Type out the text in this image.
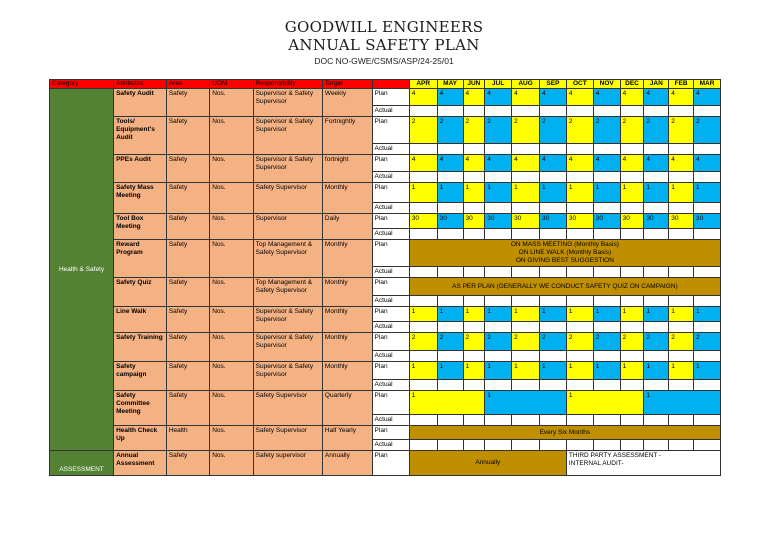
GOODWILL ENGINEERS
ANNUAL SAFETY PLAN
DOC NO-GWE/CSMS/ASP/24-25/01
Category	Attributes	Area	UOM	Responsibility	Target		APR	MAY	JUN	JUL	AUG	SEP	OCT	NOV	DEC	JAN	FEB	MAR
Health & Safety	Safety Audit	Safety	Nos.	Supervisor & Safety Supervisor	Weekly	Plan	4	4	4	4	4	4	4	4	4	4	4	4
						Actual												
	Tools/ Equipment's Audit	Safety	Nos.	Supervisor & Safety Supervisor	Fortnightly	Plan	2	2	2	2	2	2	2	2	2	2	2	2
						Actual												
	PPEs Audit	Safety	Nos.	Supervisor & Safety Supervisor	fortnight	Plan	4	4	4	4	4	4	4	4	4	4	4	4
						Actual												
	Safety Mass Meeting	Safety	Nos.	Safety Supervisor	Monthly	Plan	1	1	1	1	1	1	1	1	1	1	1	1
						Actual												
	Tool Box Meeting	Safety	Nos.	Supervisor	Daily	Plan	30	30	30	30	30	30	30	30	30	30	30	30
						Actual												
	Reward Program	Safety	Nos.	Top Management & Safety Supervisor	Monthly	Plan	ON MASS MEETING (Monthly Basis)
ON LINE WALK (Monthly Basis)
ON GIVING BEST SUGGESTION											

						Actual												
	Safety Quiz	Safety	Nos.	Top Management & Safety Supervisor	Monthly	Plan	AS PER PLAN (GENERALLY WE CONDUCT SAFETY QUIZ ON CAMPAIGN)											
						Actual												
	Line Walk	Safety	Nos.	Supervisor & Safety Supervisor	Monthly	Plan	1	1	1	1	1	1	1	1	1	1	1	1
						Actual												
	Safety Training	Safety	Nos.	Supervisor & Safety Supervisor	Monthly	Plan	2	2	2	2	2	2	2	2	2	2	2	2
						Actual												
	Safety campaign	Safety	Nos.	Supervisor & Safety Supervisor	Monthly	Plan	1	1	1	1	1	1	1	1	1	1	1	1
						Actual												
	Safety Committee Meeting	Safety	Nos.	Safety Supervisor	Quarterly	Plan	1			1			1			1		
						Actual												
	Health Check Up	Health	Nos.	Safety Supervisor	Half Yearly	Plan	Every Six Months											
						Actual												
ASSESSMENT	Annual Assessment	Safety	Nos.	Safety supervisor	Annually	Plan	Annually						THIRD PARTY ASSESSMENT -
INTERNAL AUDIT-					
